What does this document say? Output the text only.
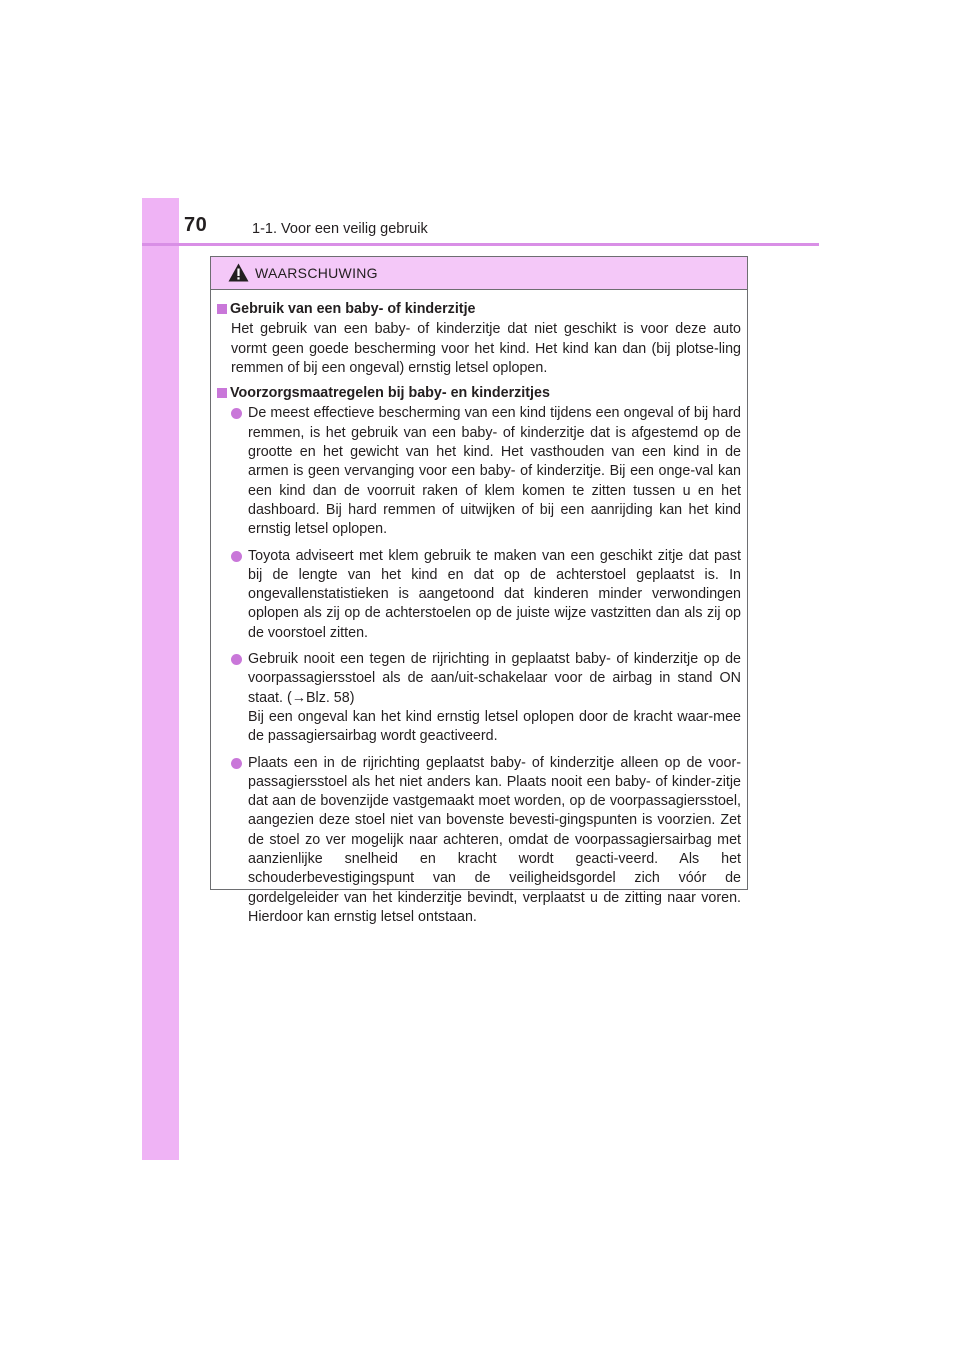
70	1-1. Voor een veilig gebruik
WAARSCHUWING
Gebruik van een baby- of kinderzitje
Het gebruik van een baby- of kinderzitje dat niet geschikt is voor deze auto vormt geen goede bescherming voor het kind. Het kind kan dan (bij plotse-ling remmen of bij een ongeval) ernstig letsel oplopen.
Voorzorgsmaatregelen bij baby- en kinderzitjes
De meest effectieve bescherming van een kind tijdens een ongeval of bij hard remmen, is het gebruik van een baby- of kinderzitje dat is afgestemd op de grootte en het gewicht van het kind. Het vasthouden van een kind in de armen is geen vervanging voor een baby- of kinderzitje. Bij een onge-val kan een kind dan de voorruit raken of klem komen te zitten tussen u en het dashboard. Bij hard remmen of uitwijken of bij een aanrijding kan het kind ernstig letsel oplopen.
Toyota adviseert met klem gebruik te maken van een geschikt zitje dat past bij de lengte van het kind en dat op de achterstoel geplaatst is. In ongevallenstatistieken is aangetoond dat kinderen minder verwondingen oplopen als zij op de achterstoelen op de juiste wijze vastzitten dan als zij op de voorstoel zitten.
Gebruik nooit een tegen de rijrichting in geplaatst baby- of kinderzitje op de voorpassagiersstoel als de aan/uit-schakelaar voor de airbag in stand ON staat. (→Blz. 58)
Bij een ongeval kan het kind ernstig letsel oplopen door de kracht waar-mee de passagiersairbag wordt geactiveerd.
Plaats een in de rijrichting geplaatst baby- of kinderzitje alleen op de voor-passagiersstoel als het niet anders kan. Plaats nooit een baby- of kinder-zitje dat aan de bovenzijde vastgemaakt moet worden, op de voorpassagiersstoel, aangezien deze stoel niet van bovenste bevesti-gingspunten is voorzien. Zet de stoel zo ver mogelijk naar achteren, omdat de voorpassagiersairbag met aanzienlijke snelheid en kracht wordt geacti-veerd. Als het schouderbevestigingspunt van de veiligheidsgordel zich vóór de gordelgeleider van het kinderzitje bevindt, verplaatst u de zitting naar voren. Hierdoor kan ernstig letsel ontstaan.
